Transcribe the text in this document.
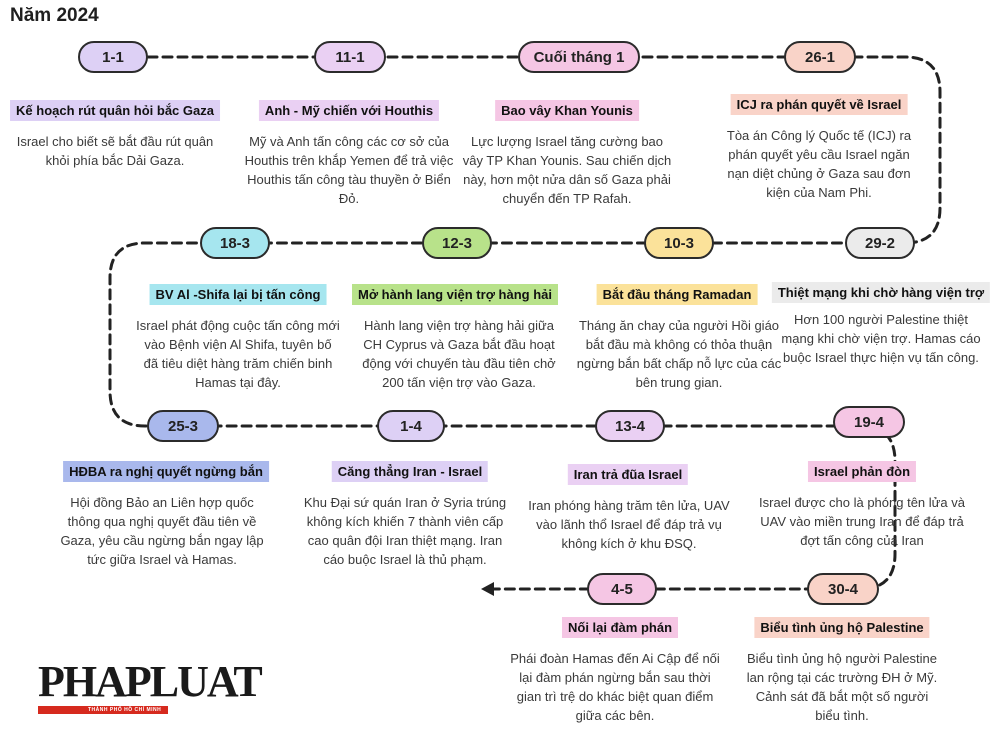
Năm 2024
1-1	11-1	Cuối tháng 1	26-1
29-2
10-3
12-3
18-3
25-3	1-4	13-4	19-4
30-4
4-5
Kế hoạch rút quân hỏi bắc Gaza	Anh - Mỹ chiến với Houthis	Bao vây Khan Younis	ICJ ra phán quyết về Israel
Thiệt mạng khi chờ hàng viện trợ
Bắt đầu tháng Ramadan
Mở hành lang viện trợ hàng hải
BV Al -Shifa lại bị tấn công
HĐBA ra nghị quyết ngừng bắn	Căng thẳng Iran - Israel	Iran trả đũa Israel	Israel phản đòn
Biểu tình ủng hộ Palestine
Nối lại đàm phán
Israel cho biết sẽ bắt đầu rút quân khỏi phía bắc Dải Gaza.
Mỹ và Anh tấn công các cơ sở của Houthis trên khắp Yemen để trả việc Houthis tấn công tàu thuyền ở Biển Đỏ.
Lực lượng Israel tăng cường bao vây TP Khan Younis. Sau chiến dịch này, hơn một nửa dân số Gaza phải chuyển đến TP Rafah.
Tòa án Công lý Quốc tế (ICJ) ra phán quyết yêu cầu Israel ngăn nạn diệt chủng ở Gaza sau đơn kiện của Nam Phi.
Hơn 100 người Palestine thiệt mạng khi chờ viện trợ. Hamas cáo buộc Israel thực hiện vụ tấn công.
Tháng ăn chay của người Hồi giáo bắt đầu mà không có thỏa thuận ngừng bắn bất chấp nỗ lực của các bên trung gian.
Hành lang viện trợ hàng hải giữa CH Cyprus và Gaza bắt đầu hoạt động với chuyến tàu đầu tiên chở 200 tấn viện trợ vào Gaza.
Israel phát động cuộc tấn công mới vào Bệnh viện Al Shifa, tuyên bố đã tiêu diệt hàng trăm chiến binh Hamas tại đây.
Hội đồng Bảo an Liên hợp quốc thông qua nghị quyết đầu tiên về Gaza, yêu cầu ngừng bắn ngay lập tức giữa Israel và Hamas.
Khu Đại sứ quán Iran ở Syria trúng không kích khiến 7 thành viên cấp cao quân đội Iran thiệt mạng. Iran cáo buộc Israel là thủ phạm.
Iran phóng hàng trăm tên lửa, UAV vào lãnh thổ Israel để đáp trả vụ không kích ở khu ĐSQ.
Israel được cho là phóng tên lửa và UAV vào miền trung Iran để đáp trả đợt tấn công của Iran
Biểu tình ủng hộ người Palestine lan rộng tại các trường ĐH ở Mỹ. Cảnh sát đã bắt một số người biểu tình.
Phái đoàn Hamas đến Ai Cập để nối lại đàm phán ngừng bắn sau thời gian trì trệ do khác biệt quan điểm giữa các bên.
PHAPLUAT
THÀNH PHỐ HỒ CHÍ MINH
